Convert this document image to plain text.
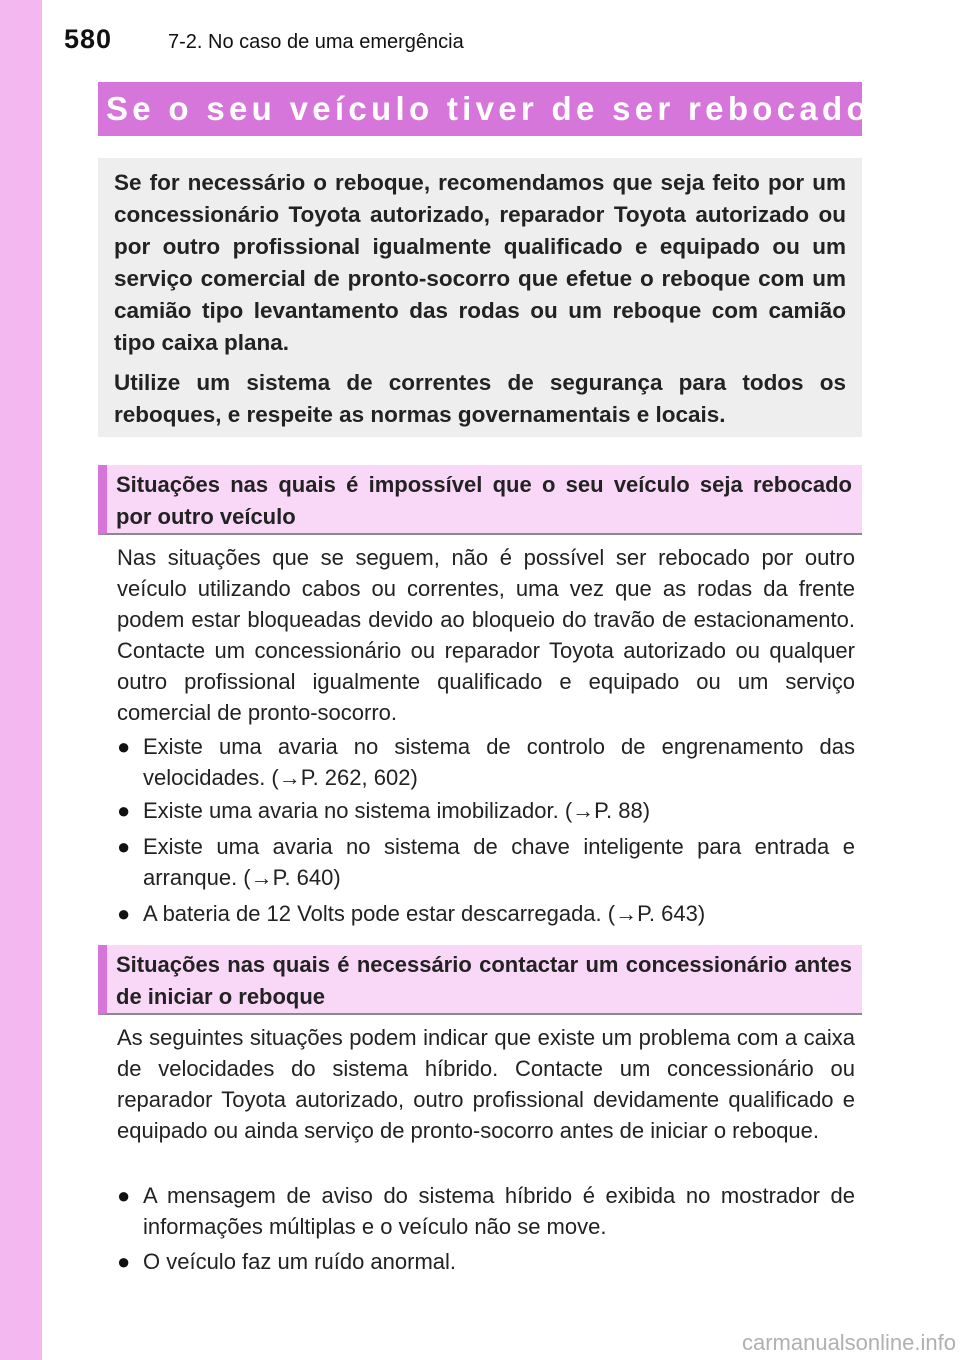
580	7-2. No caso de uma emergência
Se o seu veículo tiver de ser rebocado

Se for necessário o reboque, recomendamos que seja feito por um concessionário Toyota autorizado, reparador Toyota autorizado ou por outro profissional igualmente qualificado e equipado ou um serviço comercial de pronto-socorro que efetue o reboque com um camião tipo levantamento das rodas ou um reboque com camião tipo caixa plana.

Utilize um sistema de correntes de segurança para todos os reboques, e respeite as normas governamentais e locais.

Situações nas quais é impossível que o seu veículo seja rebocado por outro veículo

Nas situações que se seguem, não é possível ser rebocado por outro veículo utilizando cabos ou correntes, uma vez que as rodas da frente podem estar bloqueadas devido ao bloqueio do travão de estacionamento. Contacte um concessionário ou reparador Toyota autorizado ou qualquer outro profissional igualmente qualificado e equipado ou um serviço comercial de pronto-socorro.

● Existe uma avaria no sistema de controlo de engrenamento das velocidades. (→P. 262, 602)
● Existe uma avaria no sistema imobilizador. (→P. 88)
● Existe uma avaria no sistema de chave inteligente para entrada e arranque. (→P. 640)
● A bateria de 12 Volts pode estar descarregada. (→P. 643)
Situações nas quais é necessário contactar um concessionário antes de iniciar o reboque

As seguintes situações podem indicar que existe um problema com a caixa de velocidades do sistema híbrido. Contacte um concessionário ou reparador Toyota autorizado, outro profissional devidamente qualificado e equipado ou ainda serviço de pronto-socorro antes de iniciar o reboque.

● A mensagem de aviso do sistema híbrido é exibida no mostrador de informações múltiplas e o veículo não se move.
● O veículo faz um ruído anormal.
carmanualsonline.info
